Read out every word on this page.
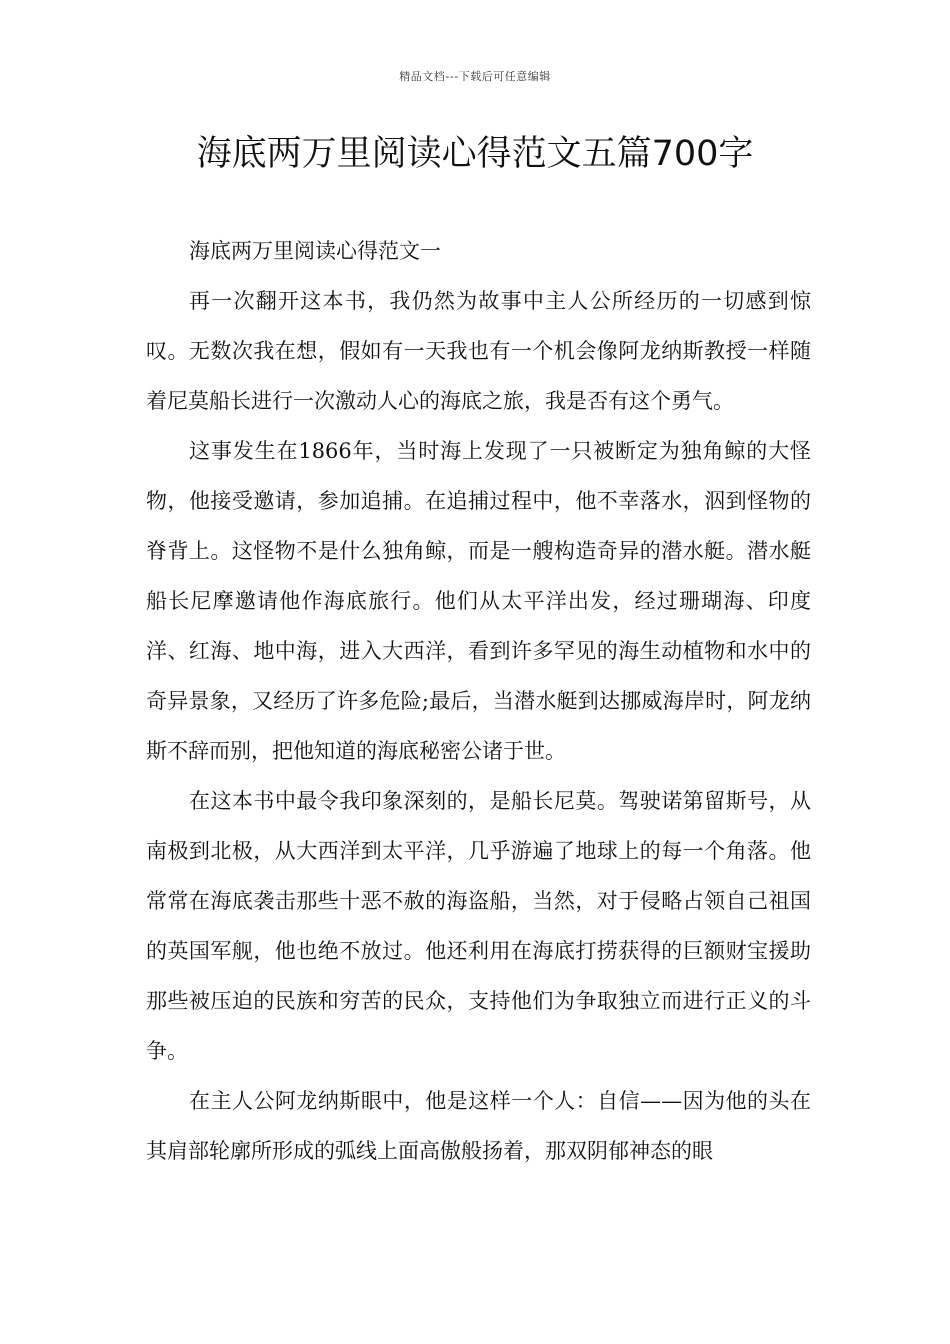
精品文档---下载后可任意编辑
海底两万里阅读心得范文五篇700字

海底两万里阅读心得范文一

再一次翻开这本书，我仍然为故事中主人公所经历的一切感到惊叹。无数次我在想，假如有一天我也有一个机会像阿龙纳斯教授一样随着尼莫船长进行一次激动人心的海底之旅，我是否有这个勇气。

这事发生在1866年，当时海上发现了一只被断定为独角鲸的大怪物，他接受邀请，参加追捕。在追捕过程中，他不幸落水，泅到怪物的脊背上。这怪物不是什么独角鲸，而是一艘构造奇异的潜水艇。潜水艇船长尼摩邀请他作海底旅行。他们从太平洋出发，经过珊瑚海、印度洋、红海、地中海，进入大西洋，看到许多罕见的海生动植物和水中的奇异景象，又经历了许多危险;最后，当潜水艇到达挪威海岸时，阿龙纳斯不辞而别，把他知道的海底秘密公诸于世。

在这本书中最令我印象深刻的，是船长尼莫。驾驶诺第留斯号，从南极到北极，从大西洋到太平洋，几乎游遍了地球上的每一个角落。他常常在海底袭击那些十恶不赦的海盗船，当然，对于侵略占领自己祖国的英国军舰，他也绝不放过。他还利用在海底打捞获得的巨额财宝援助那些被压迫的民族和穷苦的民众，支持他们为争取独立而进行正义的斗争。

在主人公阿龙纳斯眼中，他是这样一个人：自信——因为他的头在其肩部轮廓所形成的弧线上面高傲般扬着，那双阴郁神态的眼
